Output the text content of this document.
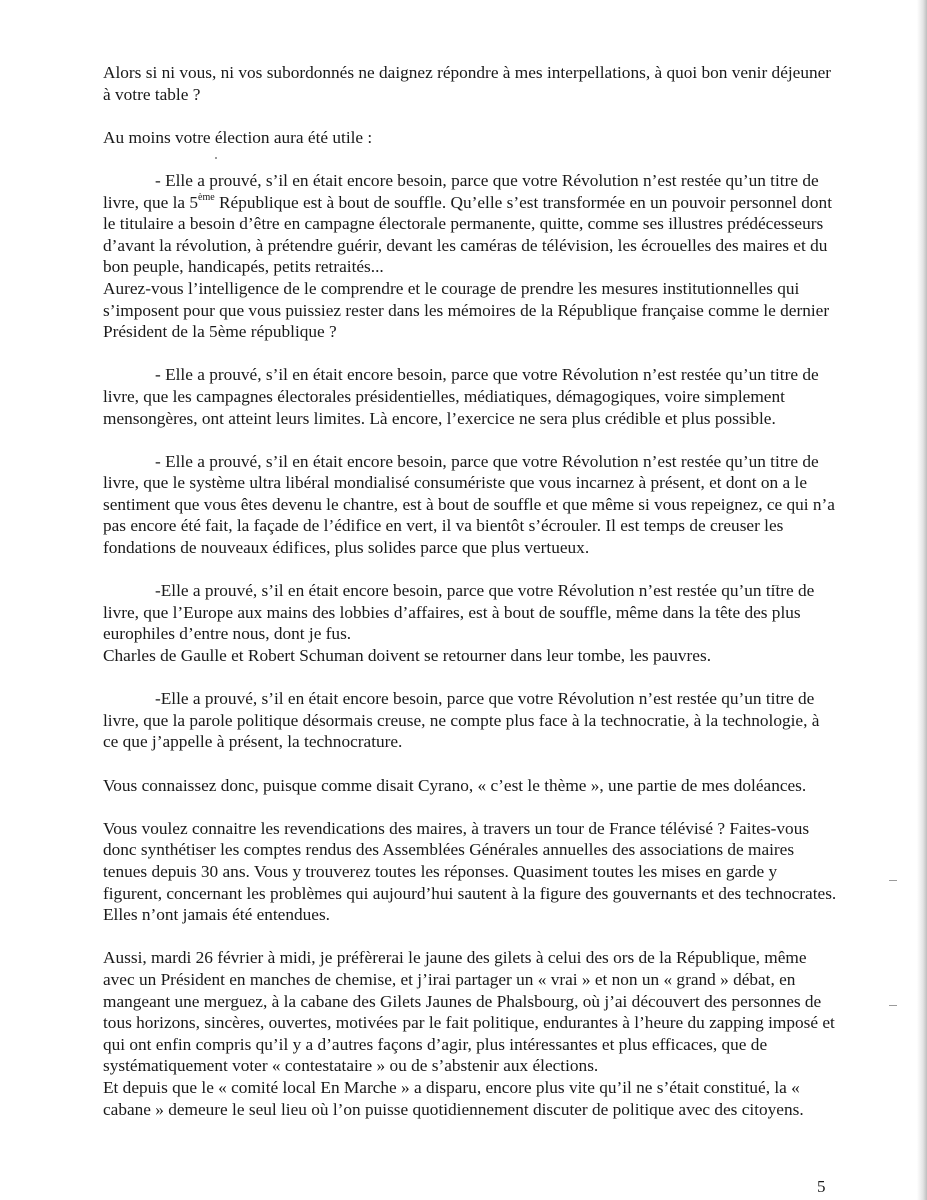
Alors si ni vous, ni vos subordonnés ne daignez répondre à mes interpellations, à quoi bon venir déjeuner à votre table ?

Au moins votre élection aura été utile :

- Elle a prouvé, s’il en était encore besoin, parce que votre Révolution n’est restée qu’un titre de livre, que la 5ème République est à bout de souffle. Qu’elle s’est transformée en un pouvoir personnel dont le titulaire a besoin d’être en campagne électorale permanente, quitte, comme ses illustres prédécesseurs d’avant la révolution, à prétendre guérir, devant les caméras de télévision, les écrouelles des maires et du bon peuple, handicapés, petits retraités...

Aurez-vous l’intelligence de le comprendre et le courage de prendre les mesures institutionnelles qui s’imposent pour que vous puissiez rester dans les mémoires de la République française comme le dernier Président de la 5ème république ?

- Elle a prouvé, s’il en était encore besoin, parce que votre Révolution n’est restée qu’un titre de livre, que les campagnes électorales présidentielles, médiatiques, démagogiques, voire simplement mensongères, ont atteint leurs limites. Là encore, l’exercice ne sera plus crédible et plus possible.

- Elle a prouvé, s’il en était encore besoin, parce que votre Révolution n’est restée qu’un titre de livre, que le système ultra libéral mondialisé consumériste que vous incarnez à présent, et dont on a le sentiment que vous êtes devenu le chantre, est à bout de souffle et que même si vous repeignez, ce qui n’a pas encore été fait, la façade de l’édifice en vert, il va bientôt s’écrouler. Il est temps de creuser les fondations de nouveaux édifices, plus solides parce que plus vertueux.

-Elle a prouvé, s’il en était encore besoin, parce que votre Révolution n’est restée qu’un titre de livre, que l’Europe aux mains des lobbies d’affaires, est à bout de souffle, même dans la tête des plus europhiles d’entre nous, dont je fus.

Charles de Gaulle et Robert Schuman doivent se retourner dans leur tombe, les pauvres.

-Elle a prouvé, s’il en était encore besoin, parce que votre Révolution n’est restée qu’un titre de livre, que la parole politique désormais creuse, ne compte plus face à la technocratie, à la technologie, à ce que j’appelle à présent, la technocrature.

Vous connaissez donc, puisque comme disait Cyrano, « c’est le thème », une partie de mes doléances.

Vous voulez connaitre les revendications des maires, à travers un tour de France télévisé ? Faites-vous donc synthétiser les comptes rendus des Assemblées Générales annuelles des associations de maires tenues depuis 30 ans. Vous y trouverez toutes les réponses. Quasiment toutes les mises en garde y figurent, concernant les problèmes qui aujourd’hui sautent à la figure des gouvernants et des technocrates. Elles n’ont jamais été entendues.

Aussi, mardi 26 février à midi, je préfèrerai le jaune des gilets à celui des ors de la République, même avec un Président en manches de chemise, et j’irai partager un « vrai » et non un « grand » débat, en mangeant une merguez, à la cabane des Gilets Jaunes de Phalsbourg, où j’ai découvert des personnes de tous horizons, sincères, ouvertes, motivées par le fait politique, endurantes à l’heure du zapping imposé et qui ont enfin compris qu’il y a d’autres façons d’agir, plus intéressantes et plus efficaces, que de systématiquement voter « contestataire » ou de s’abstenir aux élections.

Et depuis que le « comité local En Marche » a disparu, encore plus vite qu’il ne s’était constitué, la « cabane » demeure le seul lieu où l’on puisse quotidiennement discuter de politique avec des citoyens.

5
